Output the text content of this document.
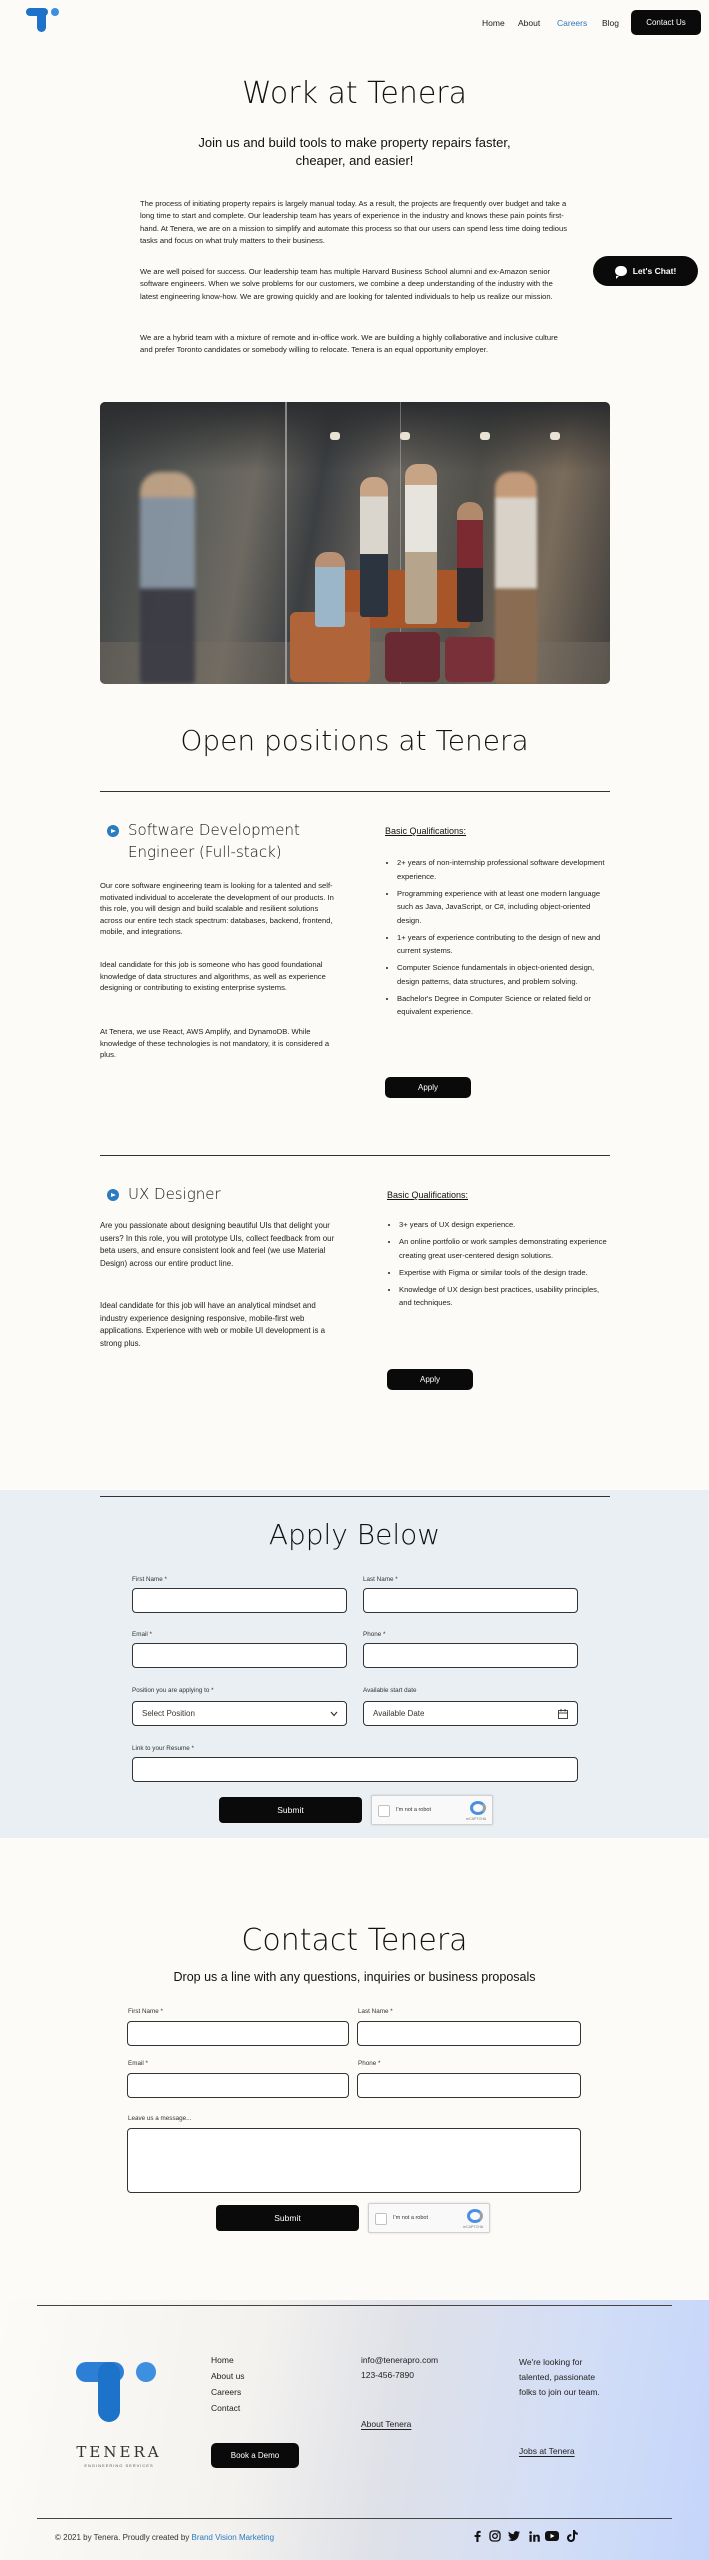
Home About Careers Blog	Contact Us
Work at Tenera
Join us and build tools to make property repairs faster,
cheaper, and easier!

The process of initiating property repairs is largely manual today. As a result, the projects are frequently over budget and take a long time to start and complete. Our leadership team has years of experience in the industry and knows these pain points first-hand. At Tenera, we are on a mission to simplify and automate this process so that our users can spend less time doing tedious tasks and focus on what truly matters to their business.

We are well poised for success. Our leadership team has multiple Harvard Business School alumni and ex-Amazon senior software engineers. When we solve problems for our customers, we combine a deep understanding of the industry with the latest engineering know-how. We are growing quickly and are looking for talented individuals to help us realize our mission.

We are a hybrid team with a mixture of remote and in-office work. We are building a highly collaborative and inclusive culture and prefer Toronto candidates or somebody willing to relocate. Tenera is an equal opportunity employer.

Let's Chat!
Open positions at Tenera
Software Development
Engineer (Full-stack)

Our core software engineering team is looking for a talented and self-motivated individual to accelerate the development of our products. In this role, you will design and build scalable and resilient solutions across our entire tech stack spectrum: databases, backend, frontend, mobile, and integrations.

Ideal candidate for this job is someone who has good foundational knowledge of data structures and algorithms, as well as experience designing or contributing to existing enterprise systems.

At Tenera, we use React, AWS Amplify, and DynamoDB. While knowledge of these technologies is not mandatory, it is considered a plus.

Basic Qualifications:
• 2+ years of non-internship professional software development experience.
• Programming experience with at least one modern language such as Java, JavaScript, or C#, including object-oriented design.
• 1+ years of experience contributing to the design of new and current systems.
• Computer Science fundamentals in object-oriented design, design patterns, data structures, and problem solving.
• Bachelor's Degree in Computer Science or related field or equivalent experience.
Apply
UX Designer

Are you passionate about designing beautiful UIs that delight your users? In this role, you will prototype UIs, collect feedback from our beta users, and ensure consistent look and feel (we use Material Design) across our entire product line.

Ideal candidate for this job will have an analytical mindset and industry experience designing responsive, mobile-first web applications. Experience with web or mobile UI development is a strong plus.

Basic Qualifications:
• 3+ years of UX design experience.
• An online portfolio or work samples demonstrating experience creating great user-centered design solutions.
• Expertise with Figma or similar tools of the design trade.
• Knowledge of UX design best practices, usability principles, and techniques.
Apply
Apply Below
First Name *	Last Name *
Email *	Phone *
Position you are applying to *
Select Position
Available start date
Available Date
Link to your Resume *
Submit	I'm not a robot
reCAPTCHA
Contact Tenera
Drop us a line with any questions, inquiries or business proposals
First Name *	Last Name *
Email *	Phone *
Leave us a message...
Submit	I'm not a robot
reCAPTCHA
TENERA
ENGINEERING SERVICES
Home
About us
Careers
Contact
Book a Demo
info@tenerapro.com
123-456-7890
About Tenera
We're looking for talented, passionate folks to join our team.
Jobs at Tenera
© 2021 by Tenera. Proudly created by Brand Vision Marketing
